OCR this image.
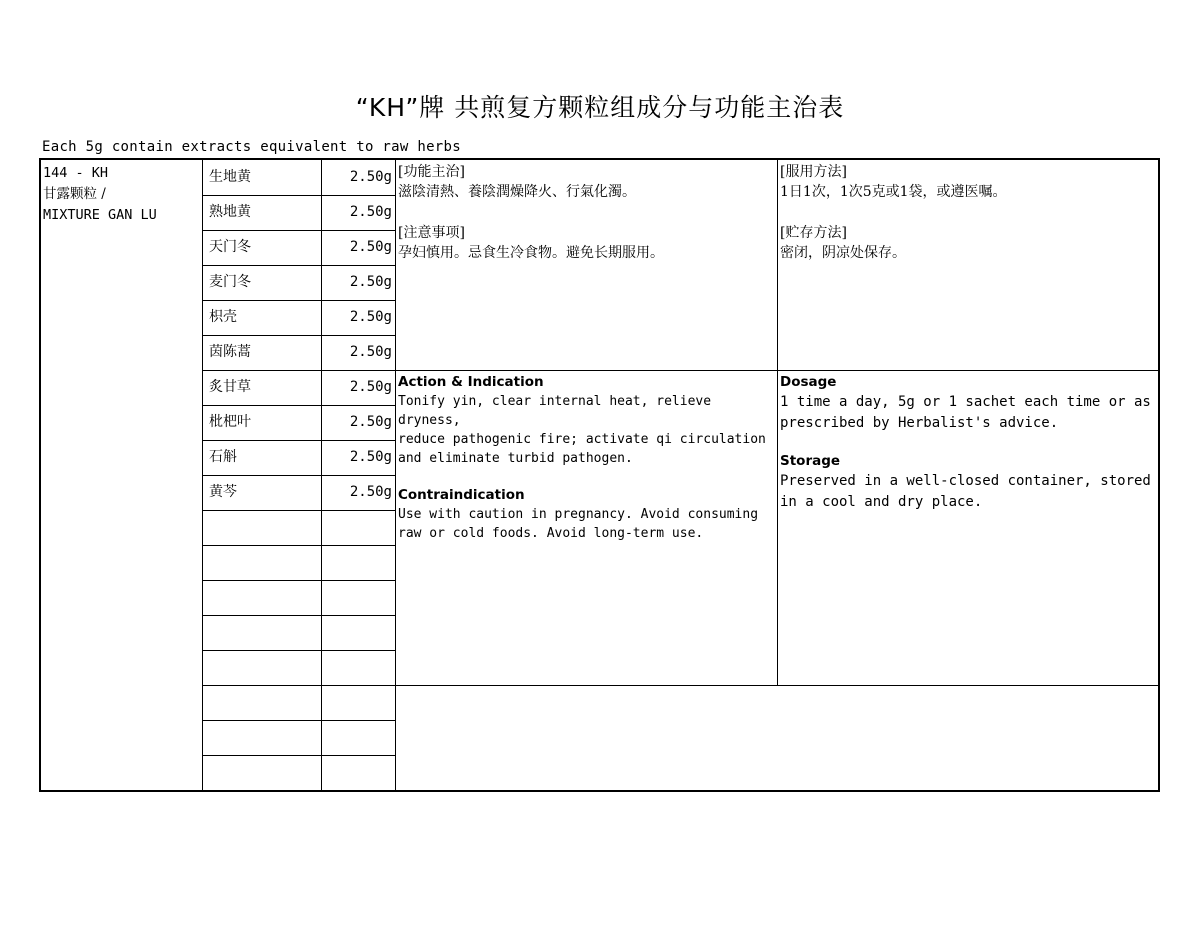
“KH”牌 共煎复方颗粒组成分与功能主治表
Each 5g contain extracts equivalent to raw herbs
144 - KH
甘露颗粒 /
MIXTURE GAN LU
生地黄	2.50g
熟地黄	2.50g
天门冬	2.50g
麦门冬	2.50g
枳壳	2.50g
茵陈蒿	2.50g
炙甘草	2.50g
枇杷叶	2.50g
石斛	2.50g
黄芩	2.50g
[功能主治]
滋陰清熱、養陰潤燥降火、行氣化濁。
[注意事项]
孕妇慎用。忌食生冷食物。避免长期服用。
[服用方法]
1日1次，1次5克或1袋，或遵医嘱。
[贮存方法]
密闭，阴凉处保存。
Action & Indication
Tonify yin, clear internal heat, relieve dryness,
reduce pathogenic fire; activate qi circulation
and eliminate turbid pathogen.
Contraindication
Use with caution in pregnancy. Avoid consuming
raw or cold foods. Avoid long-term use.
Dosage
1 time a day, 5g or 1 sachet each time or as
prescribed by Herbalist's advice.
Storage
Preserved in a well-closed container, stored
in a cool and dry place.
